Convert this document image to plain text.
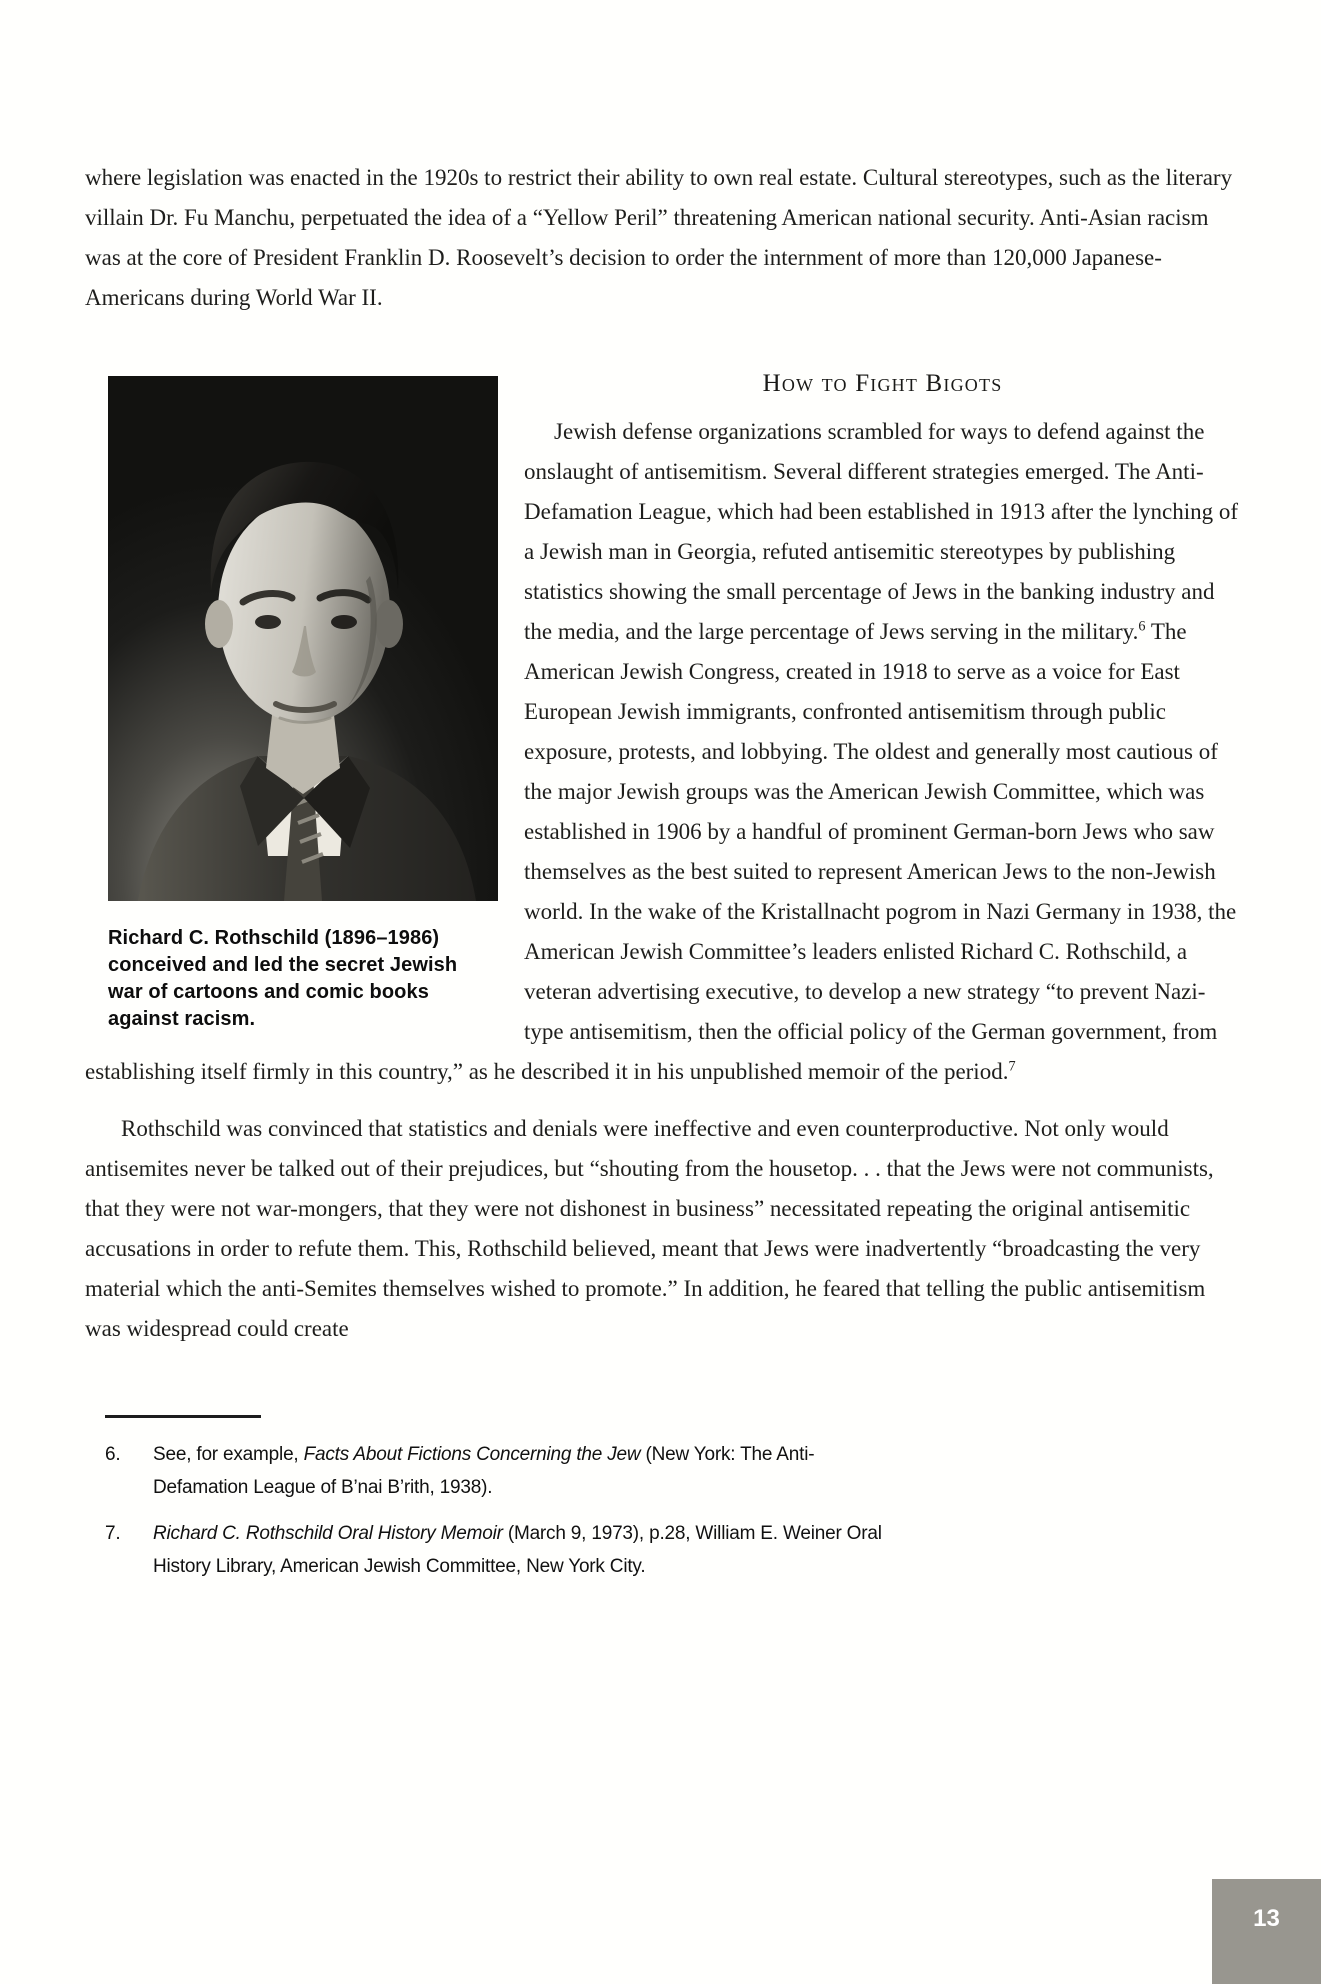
where legislation was enacted in the 1920s to restrict their ability to own real estate. Cultural stereotypes, such as the literary villain Dr. Fu Manchu, perpetuated the idea of a “Yellow Peril” threatening American national security. Anti-Asian racism was at the core of President Franklin D. Roosevelt’s decision to order the internment of more than 120,000 Japanese-Americans during World War II.

Richard C. Rothschild (1896–1986) conceived and led the secret Jewish war of cartoons and comic books against racism.
How to Fight Bigots

Jewish defense organizations scrambled for ways to defend against the onslaught of antisemitism. Several different strategies emerged. The Anti-Defamation League, which had been established in 1913 after the lynching of a Jewish man in Georgia, refuted antisemitic stereotypes by publishing statistics showing the small percentage of Jews in the banking industry and the media, and the large percentage of Jews serving in the military.$^6$ The American Jewish Congress, created in 1918 to serve as a voice for East European Jewish immigrants, confronted antisemitism through public exposure, protests, and lobbying. The oldest and generally most cautious of the major Jewish groups was the American Jewish Committee, which was established in 1906 by a handful of prominent German-born Jews who saw themselves as the best suited to represent American Jews to the non-Jewish world. In the wake of the Kristallnacht pogrom in Nazi Germany in 1938, the American Jewish Committee’s leaders enlisted Richard C. Rothschild, a veteran advertising executive, to develop a new strategy “to prevent Nazi-type antisemitism, then the official policy of the German government, from establishing itself firmly in this country,” as he described it in his unpublished memoir of the period.$^7$

Rothschild was convinced that statistics and denials were ineffective and even counterproductive. Not only would antisemites never be talked out of their prejudices, but “shouting from the housetop. . . that the Jews were not communists, that they were not war-mongers, that they were not dishonest in business” necessitated repeating the original antisemitic accusations in order to refute them. This, Rothschild believed, meant that Jews were inadvertently “broadcasting the very material which the anti-Semites themselves wished to promote.” In addition, he feared that telling the public antisemitism was widespread could create

6.	See, for example, Facts About Fictions Concerning the Jew (New York: The Anti-Defamation League of B’nai B’rith, 1938).
7.	Richard C. Rothschild Oral History Memoir (March 9, 1973), p.28, William E. Weiner Oral History Library, American Jewish Committee, New York City.
13
